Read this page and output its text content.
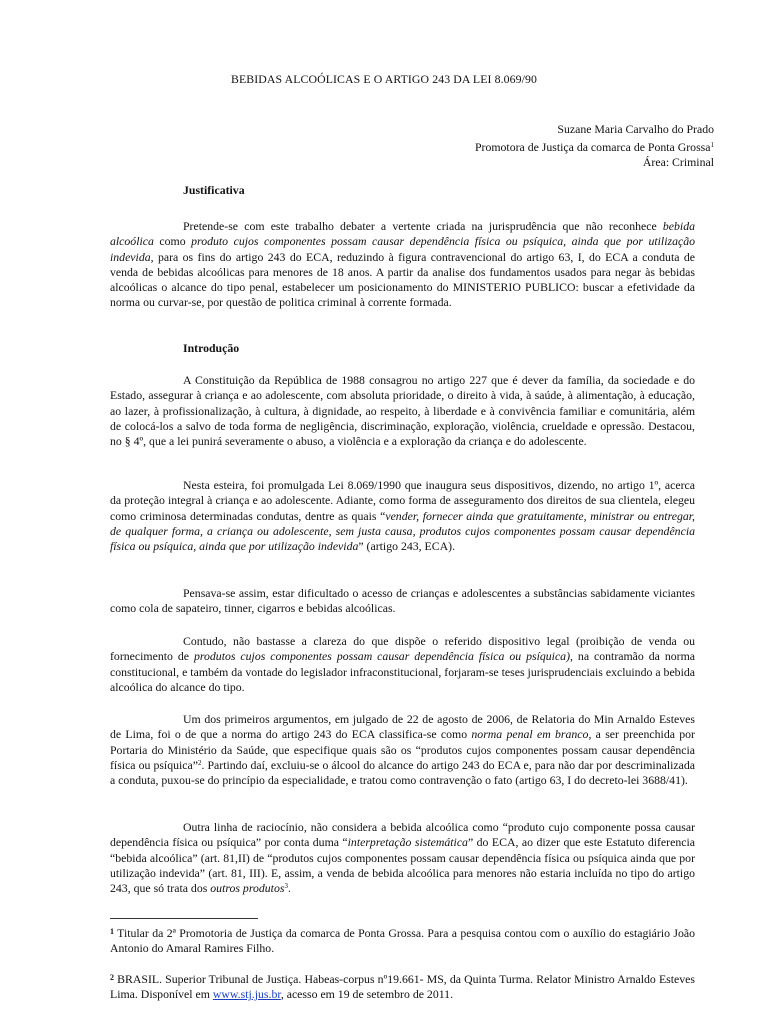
BEBIDAS ALCOÓLICAS E O ARTIGO 243 DA LEI 8.069/90
Suzane Maria Carvalho do Prado
Promotora de Justiça da comarca de Ponta Grossa$^1$
Área: Criminal
Justificativa

Pretende-se com este trabalho debater a vertente criada na jurisprudência que não reconhece bebida alcoólica como produto cujos componentes possam causar dependência física ou psíquica, ainda que por utilização indevida, para os fins do artigo 243 do ECA, reduzindo à figura contravencional do artigo 63, I, do ECA a conduta de venda de bebidas alcoólicas para menores de 18 anos. A partir da analise dos fundamentos usados para negar às bebidas alcoólicas o alcance do tipo penal, estabelecer um posicionamento do MINISTERIO PUBLICO: buscar a efetividade da norma ou curvar-se, por questão de politica criminal à corrente formada.

Introdução

A Constituição da República de 1988 consagrou no artigo 227 que é dever da família, da sociedade e do Estado, assegurar à criança e ao adolescente, com absoluta prioridade, o direito à vida, à saúde, à alimentação, à educação, ao lazer, à profissionalização, à cultura, à dignidade, ao respeito, à liberdade e à convivência familiar e comunitária, além de colocá-los a salvo de toda forma de negligência, discriminação, exploração, violência, crueldade e opressão. Destacou, no § 4º, que a lei punirá severamente o abuso, a violência e a exploração da criança e do adolescente.

Nesta esteira, foi promulgada Lei 8.069/1990 que inaugura seus dispositivos, dizendo, no artigo 1º, acerca da proteção integral à criança e ao adolescente. Adiante, como forma de asseguramento dos direitos de sua clientela, elegeu como criminosa determinadas condutas, dentre as quais “vender, fornecer ainda que gratuitamente, ministrar ou entregar, de qualquer forma, a criança ou adolescente, sem justa causa, produtos cujos componentes possam causar dependência física ou psíquica, ainda que por utilização indevida” (artigo 243, ECA).

Pensava-se assim, estar dificultado o acesso de crianças e adolescentes a substâncias sabidamente viciantes como cola de sapateiro, tinner, cigarros e bebidas alcoólicas.

Contudo, não bastasse a clareza do que dispõe o referido dispositivo legal (proibição de venda ou fornecimento de produtos cujos componentes possam causar dependência física ou psíquica), na contramão da norma constitucional, e também da vontade do legislador infraconstitucional, forjaram-se teses jurisprudenciais excluindo a bebida alcoólica do alcance do tipo.

Um dos primeiros argumentos, em julgado de 22 de agosto de 2006, de Relatoria do Min Arnaldo Esteves de Lima, foi o de que a norma do artigo 243 do ECA classifica-se como norma penal em branco, a ser preenchida por Portaria do Ministério da Saúde, que especifique quais são os “produtos cujos componentes possam causar dependência física ou psíquica”$^2$. Partindo daí, excluiu-se o álcool do alcance do artigo 243 do ECA e, para não dar por descriminalizada a conduta, puxou-se do princípio da especialidade, e tratou como contravenção o fato (artigo 63, I do decreto-lei 3688/41).

Outra linha de raciocínio, não considera a bebida alcoólica como “produto cujo componente possa causar dependência física ou psíquica” por conta duma “interpretação sistemática” do ECA, ao dizer que este Estatuto diferencia “bebida alcoólica” (art. 81,II) de “produtos cujos componentes possam causar dependência física ou psíquica ainda que por utilização indevida” (art. 81, III). E, assim, a venda de bebida alcoólica para menores não estaria incluída no tipo do artigo 243, que só trata dos outros produtos$^3$.

$^1$ Titular da 2ª Promotoria de Justiça da comarca de Ponta Grossa. Para a pesquisa contou com o auxílio do estagiário João Antonio do Amaral Ramires Filho.

$^2$ BRASIL. Superior Tribunal de Justiça. Habeas-corpus nº19.661- MS, da Quinta Turma. Relator Ministro Arnaldo Esteves Lima. Disponível em www.stj.jus.br, acesso em 19 de setembro de 2011.
